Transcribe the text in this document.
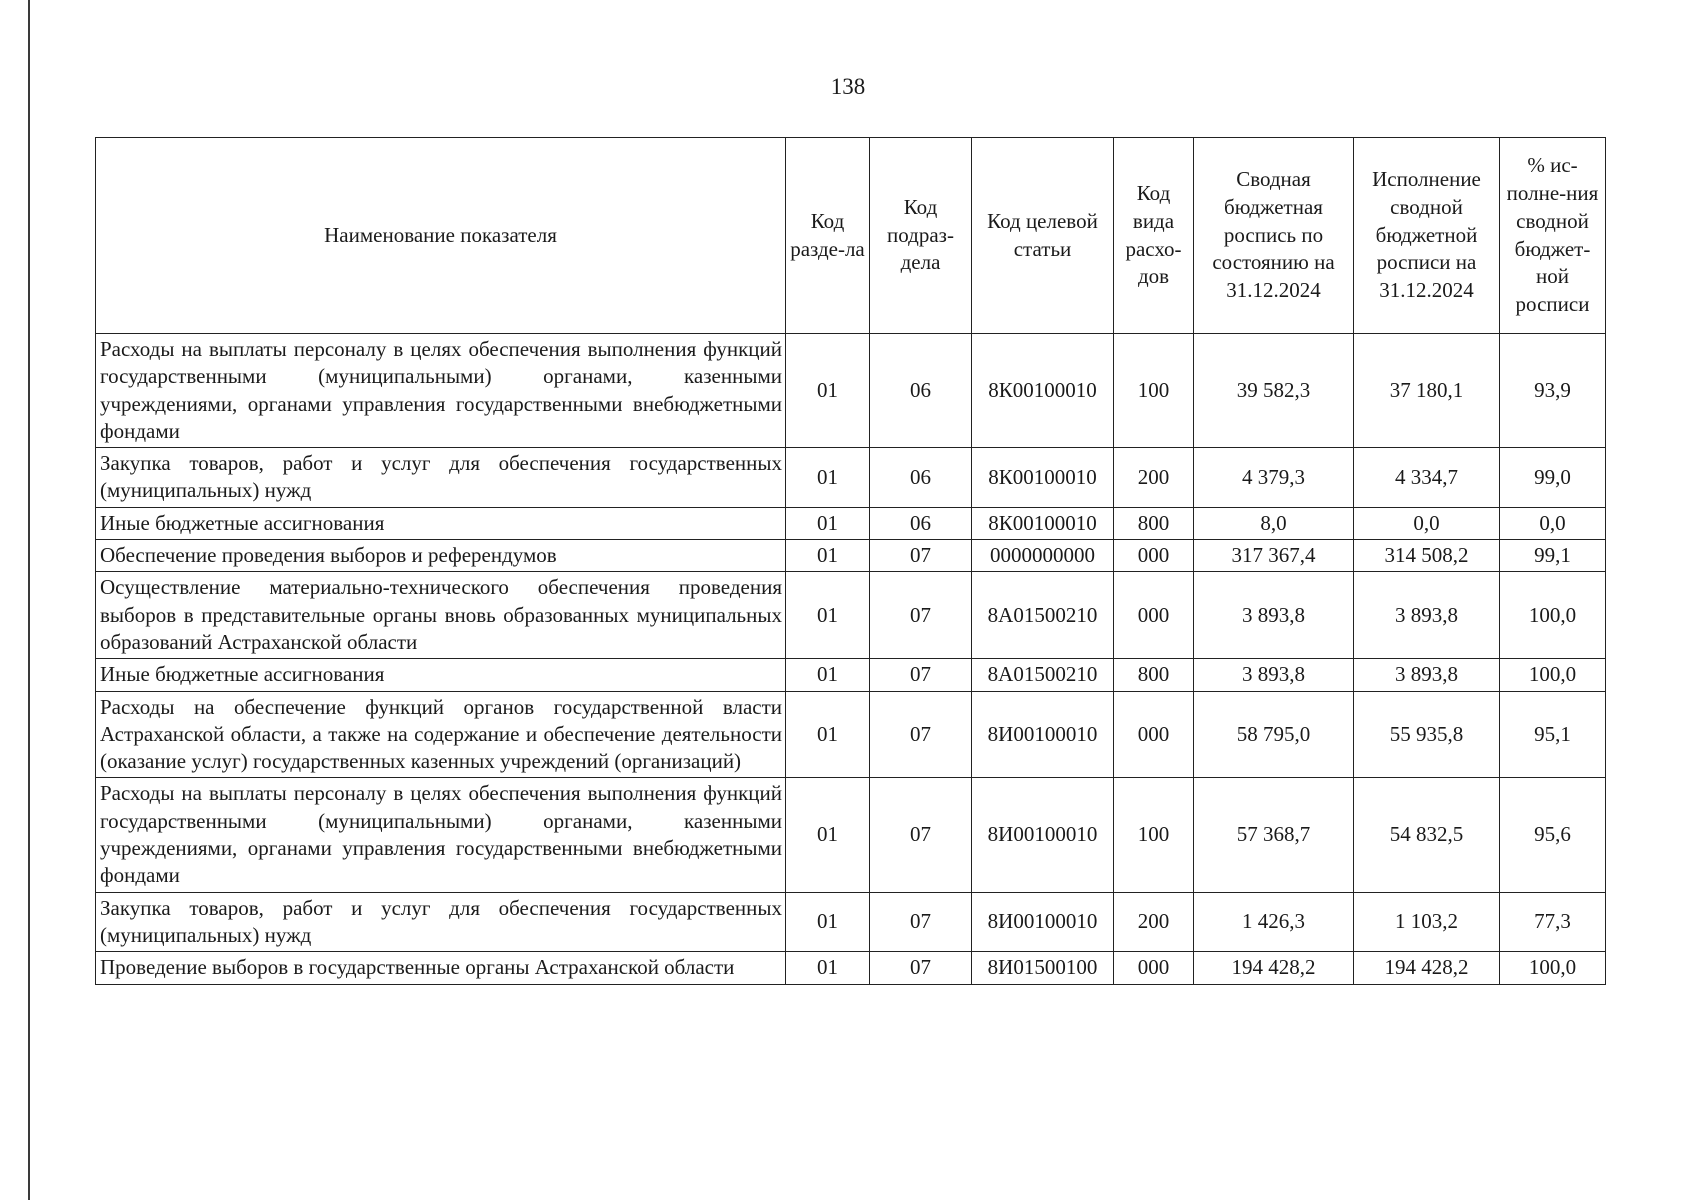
138
Наименование показателя	Код разде-ла	Код подраз-дела	Код целевой статьи	Код вида расхо-дов	Сводная бюджетная роспись по состоянию на 31.12.2024	Исполнение сводной бюджетной росписи на 31.12.2024	% ис-полне-ния сводной бюджет-ной росписи
Расходы на выплаты персоналу в целях обеспечения выполнения функций государственными (муниципальными) органами, казенными учреждениями, органами управления государственными внебюджетными фондами	01	06	8К00100010	100	39 582,3	37 180,1	93,9
Закупка товаров, работ и услуг для обеспечения государственных (муниципальных) нужд	01	06	8К00100010	200	4 379,3	4 334,7	99,0
Иные бюджетные ассигнования	01	06	8К00100010	800	8,0	0,0	0,0
Обеспечение проведения выборов и референдумов	01	07	0000000000	000	317 367,4	314 508,2	99,1
Осуществление материально-технического обеспечения проведения выборов в представительные органы вновь образованных муниципальных образований Астраханской области	01	07	8А01500210	000	3 893,8	3 893,8	100,0
Иные бюджетные ассигнования	01	07	8А01500210	800	3 893,8	3 893,8	100,0
Расходы на обеспечение функций органов государственной власти Астраханской области, а также на содержание и обеспечение деятельности (оказание услуг) государственных казенных учреждений (организаций)	01	07	8И00100010	000	58 795,0	55 935,8	95,1
Расходы на выплаты персоналу в целях обеспечения выполнения функций государственными (муниципальными) органами, казенными учреждениями, органами управления государственными внебюджетными фондами	01	07	8И00100010	100	57 368,7	54 832,5	95,6
Закупка товаров, работ и услуг для обеспечения государственных (муниципальных) нужд	01	07	8И00100010	200	1 426,3	1 103,2	77,3
Проведение выборов в государственные органы Астраханской области	01	07	8И01500100	000	194 428,2	194 428,2	100,0
